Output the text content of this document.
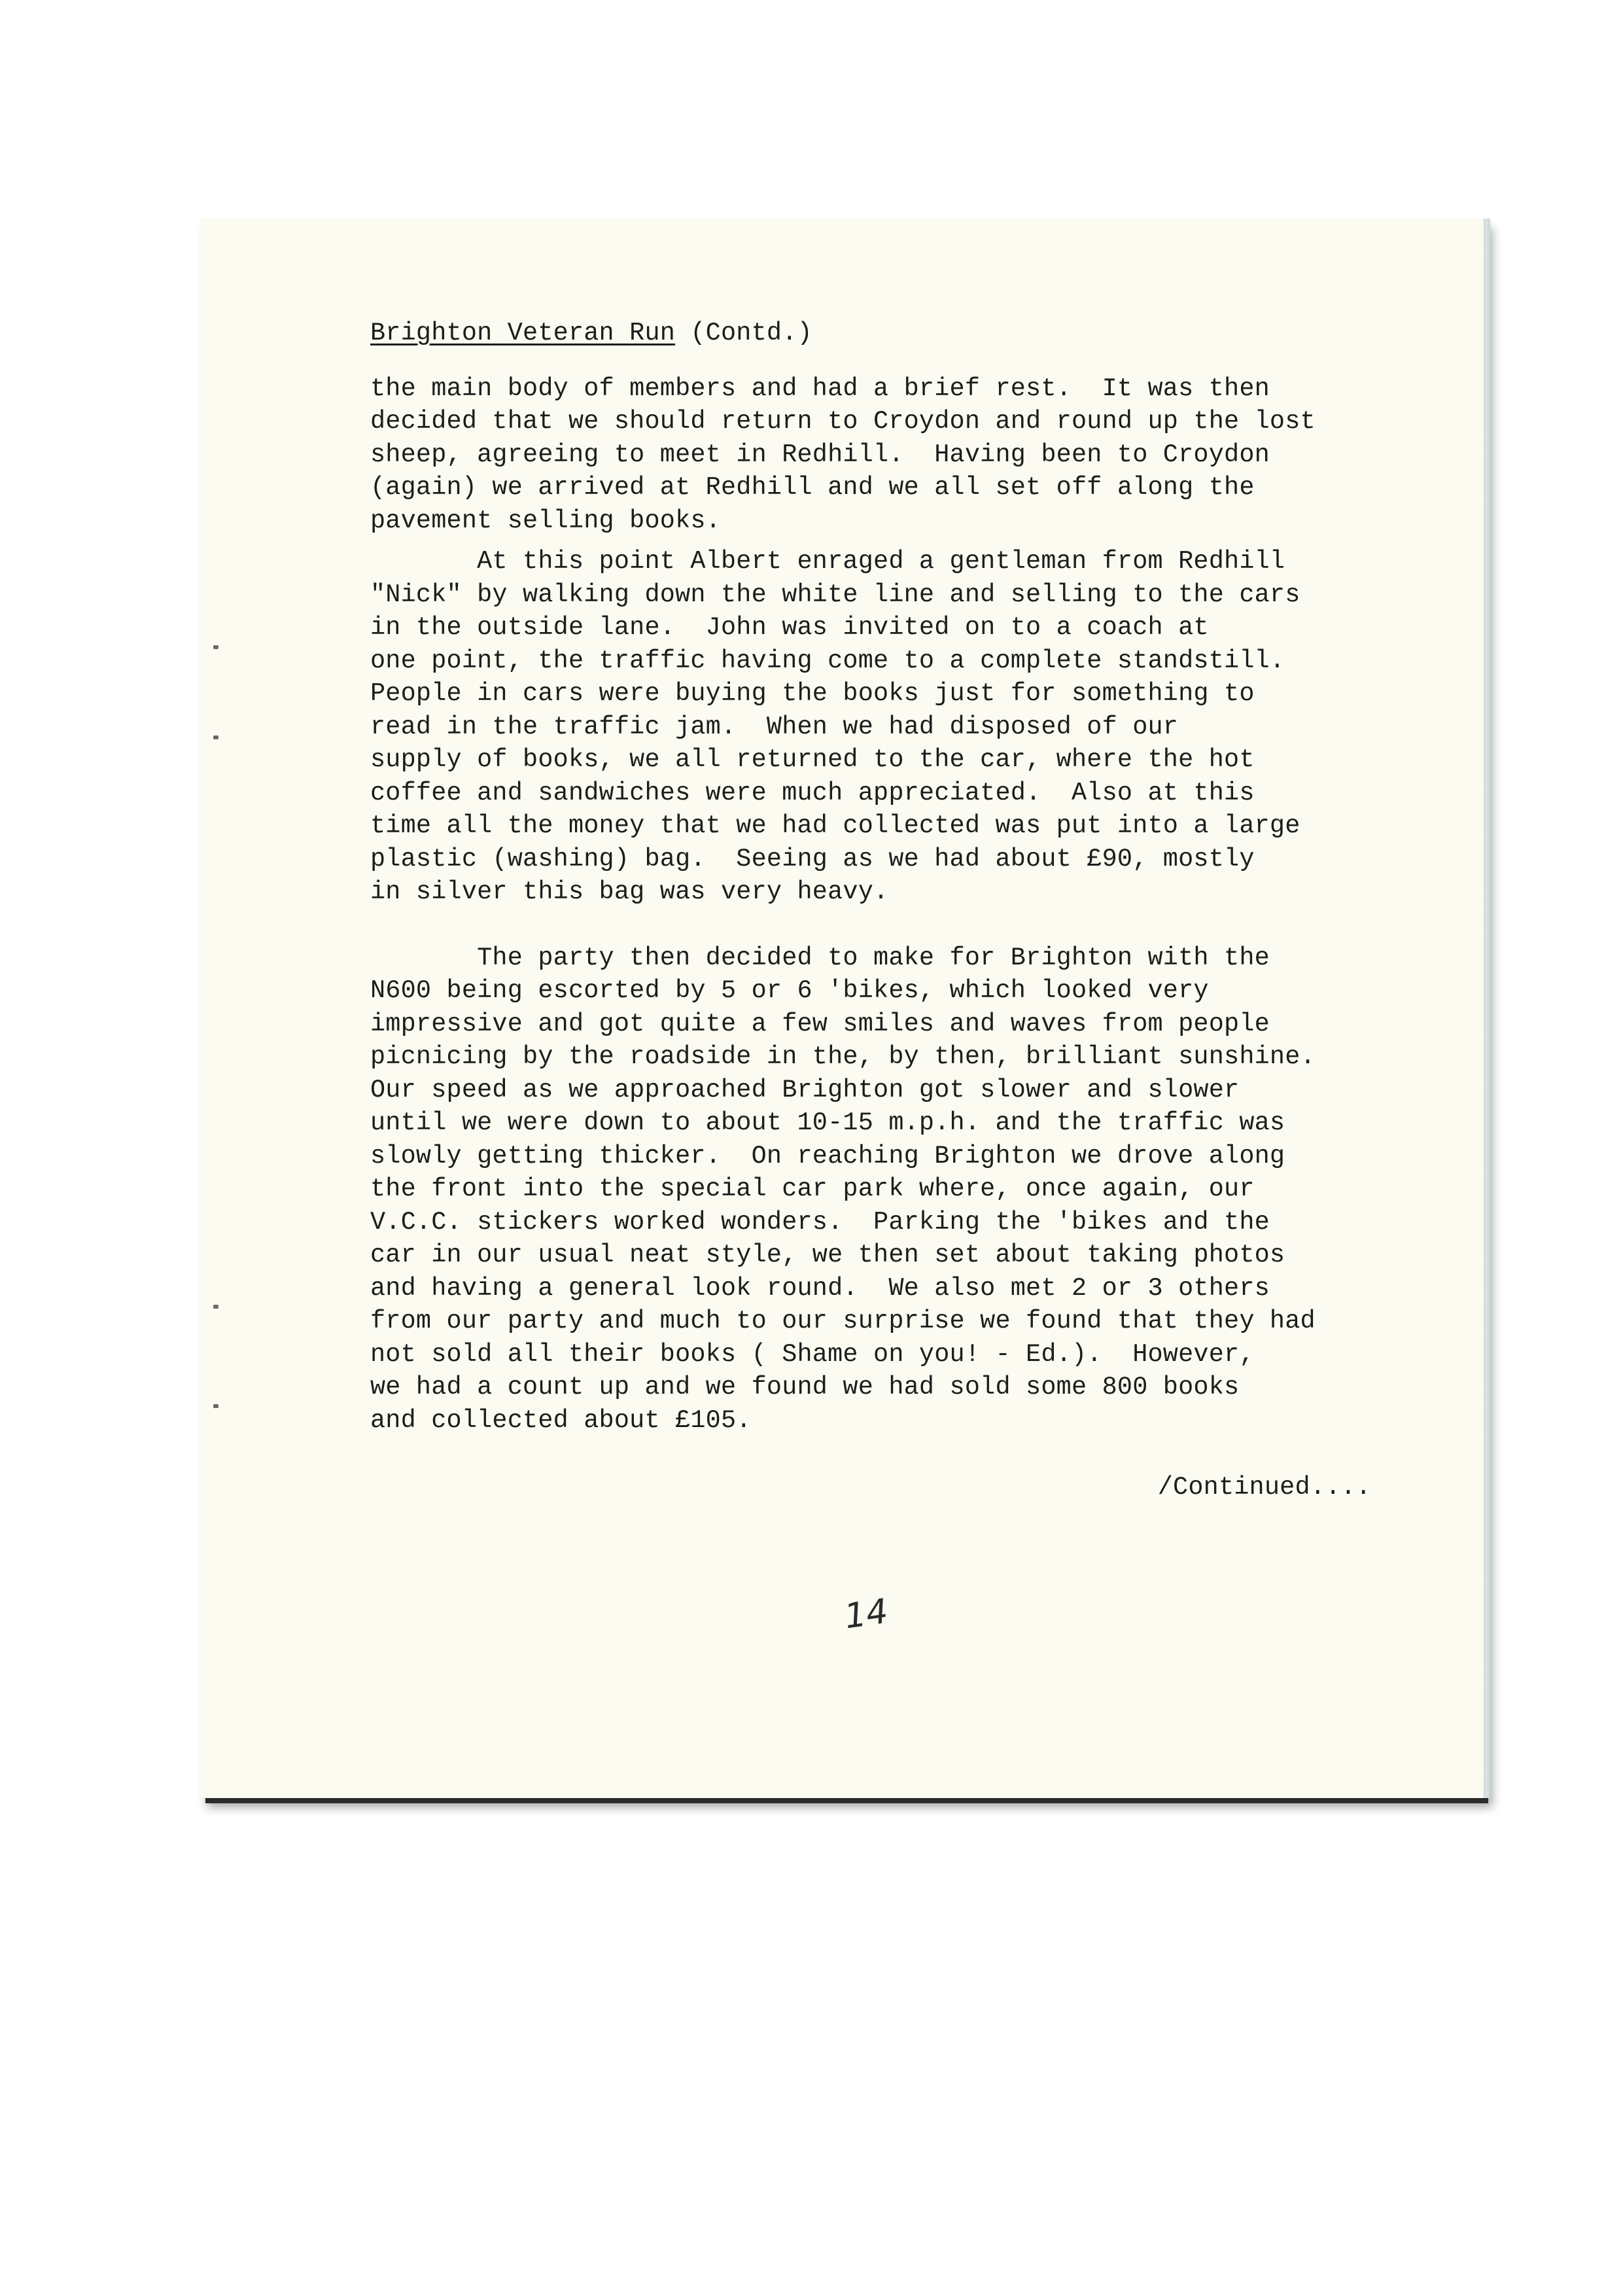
Brighton Veteran Run (Contd.)
the main body of members and had a brief rest.  It was then
decided that we should return to Croydon and round up the lost
sheep, agreeing to meet in Redhill.  Having been to Croydon
(again) we arrived at Redhill and we all set off along the
pavement selling books.
At this point Albert enraged a gentleman from Redhill
"Nick" by walking down the white line and selling to the cars
in the outside lane.  John was invited on to a coach at
one point, the traffic having come to a complete standstill.
People in cars were buying the books just for something to
read in the traffic jam.  When we had disposed of our
supply of books, we all returned to the car, where the hot
coffee and sandwiches were much appreciated.  Also at this
time all the money that we had collected was put into a large
plastic (washing) bag.  Seeing as we had about £90, mostly
in silver this bag was very heavy.
The party then decided to make for Brighton with the
N600 being escorted by 5 or 6 'bikes, which looked very
impressive and got quite a few smiles and waves from people
picnicing by the roadside in the, by then, brilliant sunshine.
Our speed as we approached Brighton got slower and slower
until we were down to about 10-15 m.p.h. and the traffic was
slowly getting thicker.  On reaching Brighton we drove along
the front into the special car park where, once again, our
V.C.C. stickers worked wonders.  Parking the 'bikes and the
car in our usual neat style, we then set about taking photos
and having a general look round.  We also met 2 or 3 others
from our party and much to our surprise we found that they had
not sold all their books ( Shame on you! - Ed.).  However,
we had a count up and we found we had sold some 800 books
and collected about £105.
/Continued....
14
